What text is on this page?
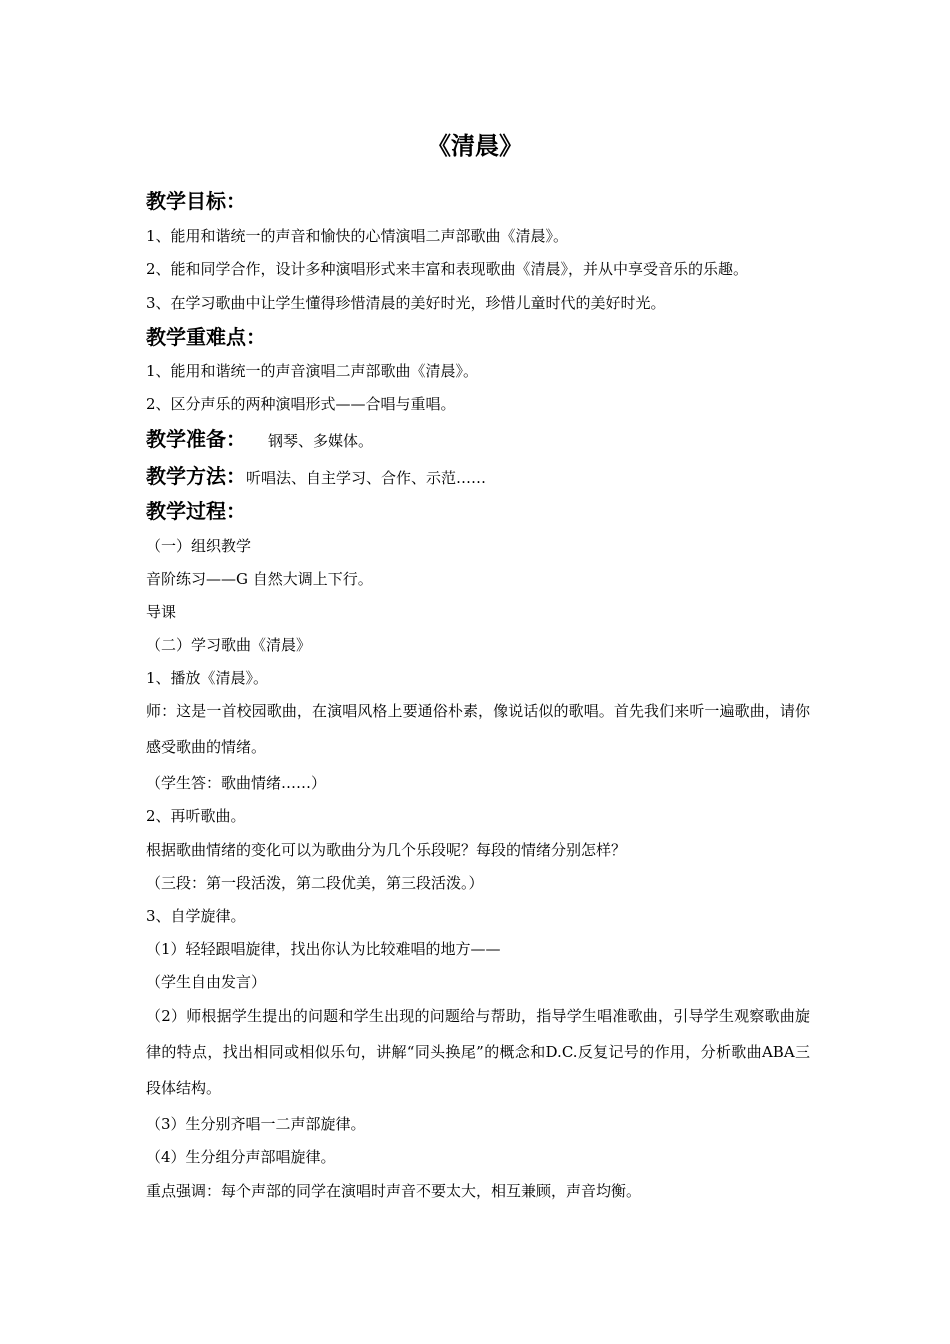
《清晨》
教学目标：
1、能用和谐统一的声音和愉快的心情演唱二声部歌曲《清晨》。
2、能和同学合作，设计多种演唱形式来丰富和表现歌曲《清晨》，并从中享受音乐的乐趣。
3、在学习歌曲中让学生懂得珍惜清晨的美好时光，珍惜儿童时代的美好时光。
教学重难点：
1、能用和谐统一的声音演唱二声部歌曲《清晨》。
2、区分声乐的两种演唱形式——合唱与重唱。
教学准备： 钢琴、多媒体。
教学方法：听唱法、自主学习、合作、示范……
教学过程：
（一）组织教学
音阶练习——G 自然大调上下行。
导课
（二）学习歌曲《清晨》
1、播放《清晨》。
师：这是一首校园歌曲，在演唱风格上要通俗朴素，像说话似的歌唱。首先我们来听一遍歌曲，请你感受歌曲的情绪。
（学生答：歌曲情绪……）
2、再听歌曲。
根据歌曲情绪的变化可以为歌曲分为几个乐段呢？每段的情绪分别怎样？
（三段：第一段活泼，第二段优美，第三段活泼。）
3、自学旋律。
（1）轻轻跟唱旋律，找出你认为比较难唱的地方——
（学生自由发言）
（2）师根据学生提出的问题和学生出现的问题给与帮助，指导学生唱准歌曲，引导学生观察歌曲旋律的特点，找出相同或相似乐句，讲解“同头换尾”的概念和D.C.反复记号的作用，分析歌曲ABA三段体结构。
（3）生分别齐唱一二声部旋律。
（4）生分组分声部唱旋律。
重点强调：每个声部的同学在演唱时声音不要太大，相互兼顾，声音均衡。
